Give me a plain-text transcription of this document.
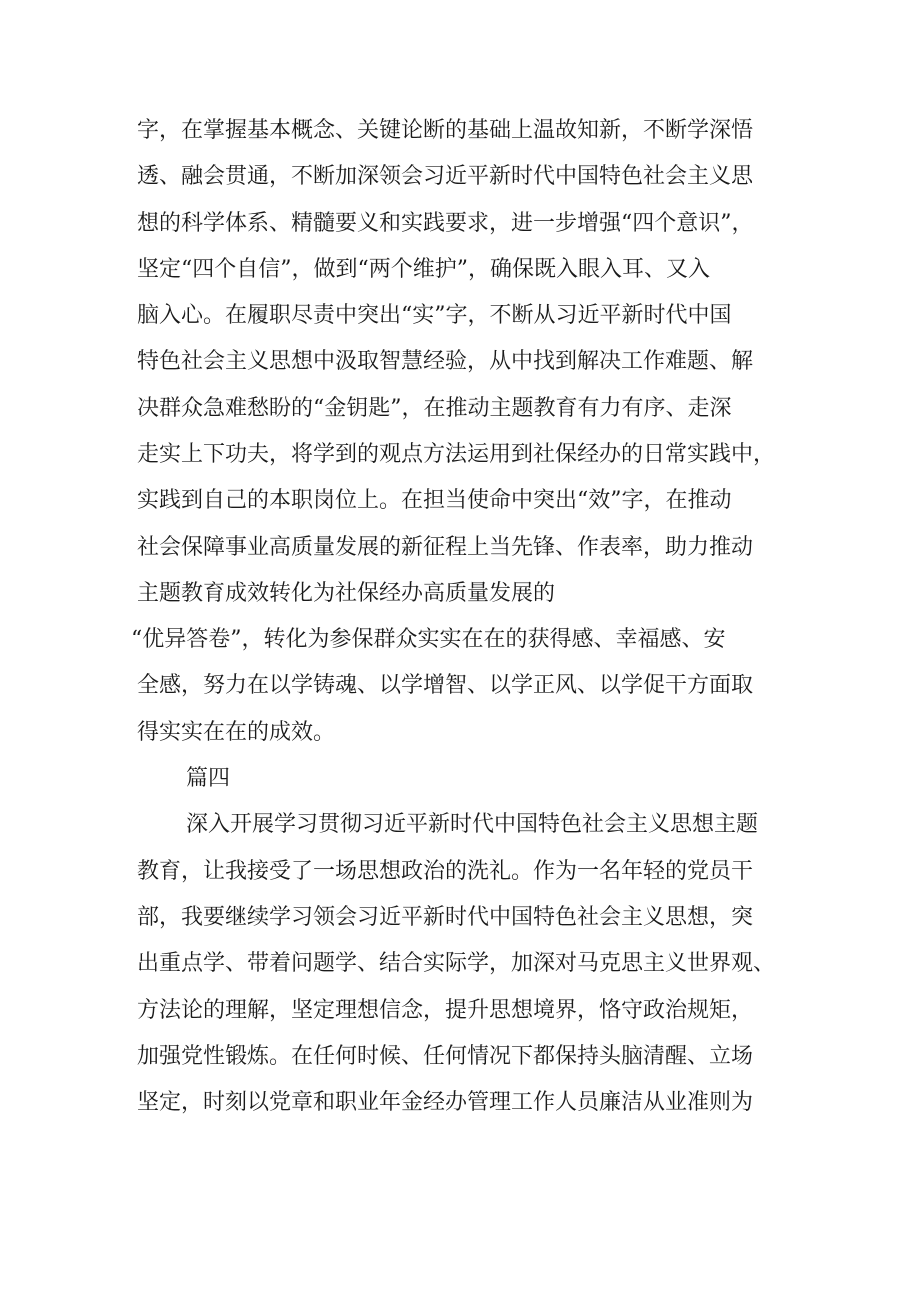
字，在掌握基本概念、关键论断的基础上温故知新，不断学深悟
透、融会贯通，不断加深领会习近平新时代中国特色社会主义思
想的科学体系、精髓要义和实践要求，进一步增强“四个意识”，
坚定“四个自信”，做到“两个维护”，确保既入眼入耳、又入
脑入心。在履职尽责中突出“实”字，不断从习近平新时代中国
特色社会主义思想中汲取智慧经验，从中找到解决工作难题、解
决群众急难愁盼的“金钥匙”，在推动主题教育有力有序、走深
走实上下功夫，将学到的观点方法运用到社保经办的日常实践中，
实践到自己的本职岗位上。在担当使命中突出“效”字，在推动
社会保障事业高质量发展的新征程上当先锋、作表率，助力推动
主题教育成效转化为社保经办高质量发展的
“优异答卷”，转化为参保群众实实在在的获得感、幸福感、安
全感，努力在以学铸魂、以学增智、以学正风、以学促干方面取
得实实在在的成效。
篇四
深入开展学习贯彻习近平新时代中国特色社会主义思想主题
教育，让我接受了一场思想政治的洗礼。作为一名年轻的党员干
部，我要继续学习领会习近平新时代中国特色社会主义思想，突
出重点学、带着问题学、结合实际学，加深对马克思主义世界观、
方法论的理解，坚定理想信念，提升思想境界，恪守政治规矩，
加强党性锻炼。在任何时候、任何情况下都保持头脑清醒、立场
坚定，时刻以党章和职业年金经办管理工作人员廉洁从业准则为
